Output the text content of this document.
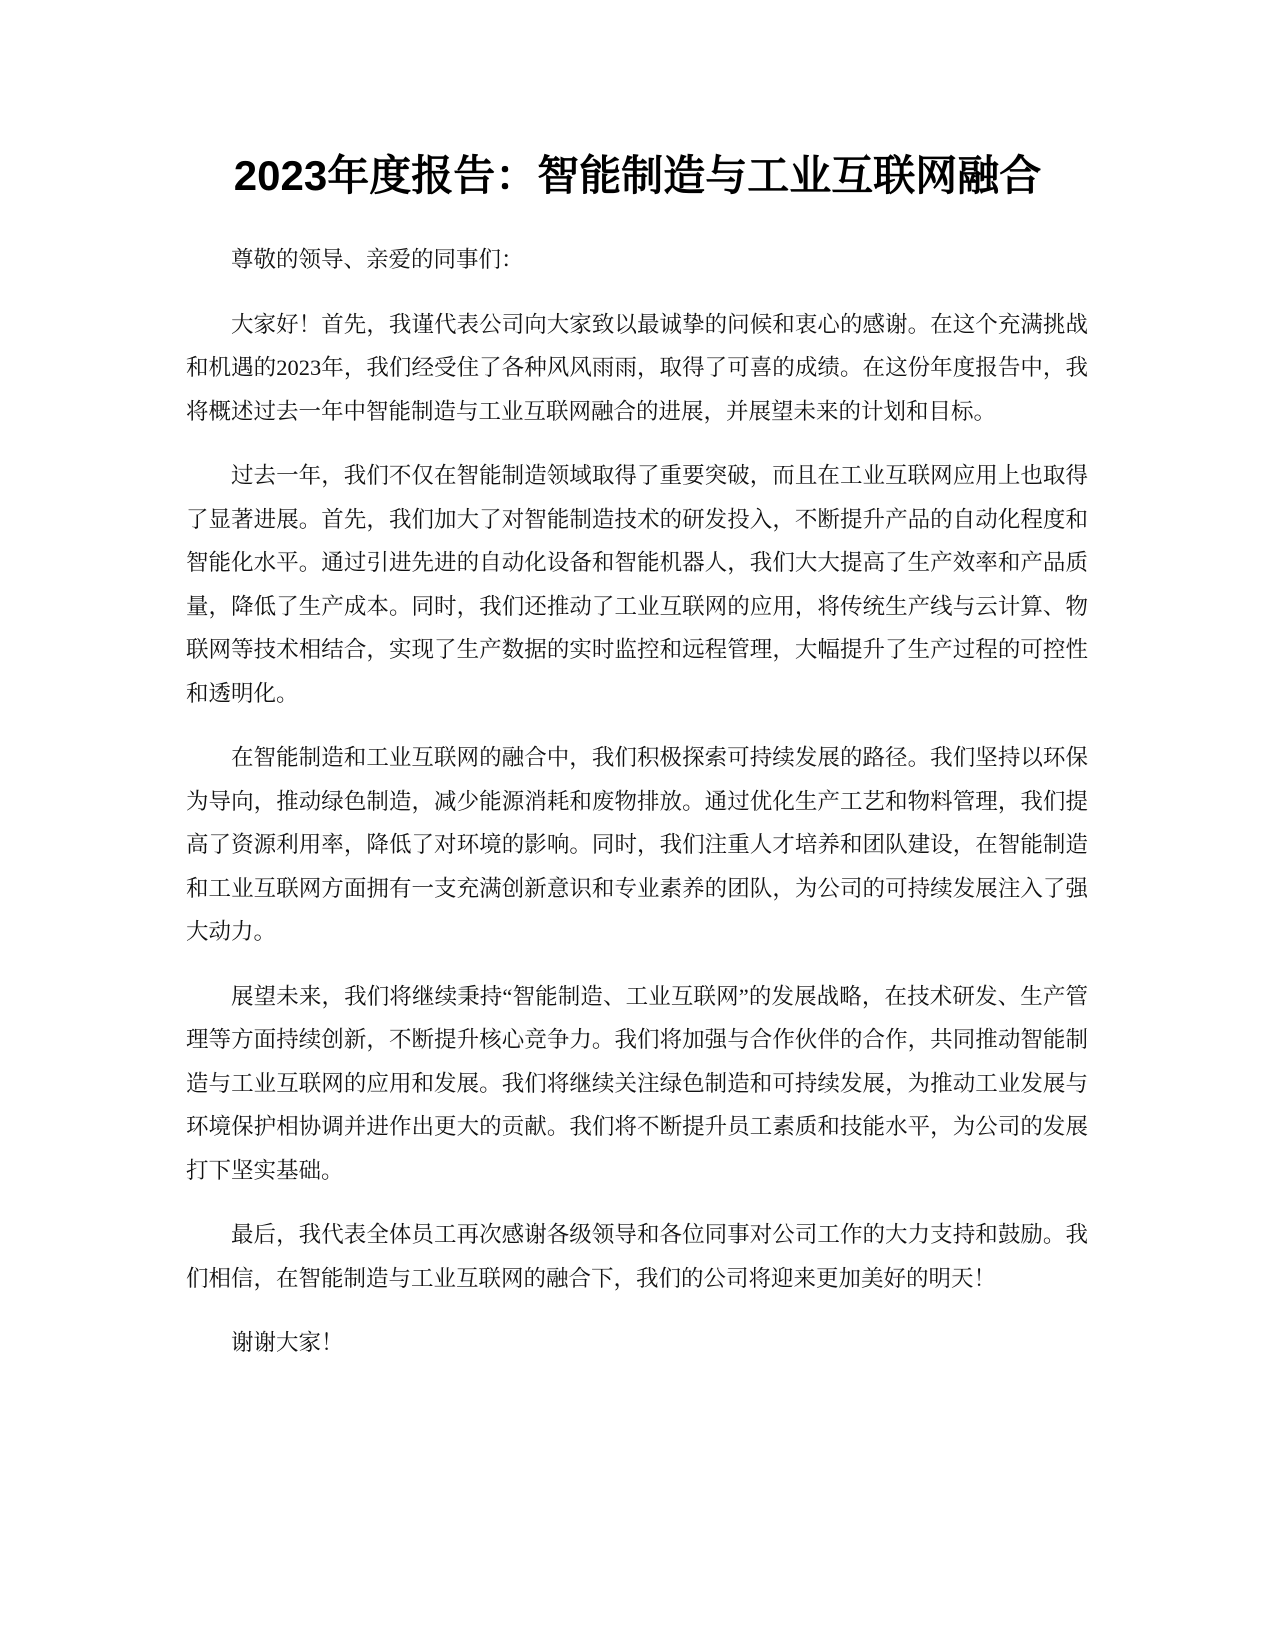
2023年度报告：智能制造与工业互联网融合

尊敬的领导、亲爱的同事们：

大家好！首先，我谨代表公司向大家致以最诚挚的问候和衷心的感谢。在这个充满挑战和机遇的2023年，我们经受住了各种风风雨雨，取得了可喜的成绩。在这份年度报告中，我将概述过去一年中智能制造与工业互联网融合的进展，并展望未来的计划和目标。

过去一年，我们不仅在智能制造领域取得了重要突破，而且在工业互联网应用上也取得了显著进展。首先，我们加大了对智能制造技术的研发投入，不断提升产品的自动化程度和智能化水平。通过引进先进的自动化设备和智能机器人，我们大大提高了生产效率和产品质量，降低了生产成本。同时，我们还推动了工业互联网的应用，将传统生产线与云计算、物联网等技术相结合，实现了生产数据的实时监控和远程管理，大幅提升了生产过程的可控性和透明化。

在智能制造和工业互联网的融合中，我们积极探索可持续发展的路径。我们坚持以环保为导向，推动绿色制造，减少能源消耗和废物排放。通过优化生产工艺和物料管理，我们提高了资源利用率，降低了对环境的影响。同时，我们注重人才培养和团队建设，在智能制造和工业互联网方面拥有一支充满创新意识和专业素养的团队，为公司的可持续发展注入了强大动力。

展望未来，我们将继续秉持“智能制造、工业互联网”的发展战略，在技术研发、生产管理等方面持续创新，不断提升核心竞争力。我们将加强与合作伙伴的合作，共同推动智能制造与工业互联网的应用和发展。我们将继续关注绿色制造和可持续发展，为推动工业发展与环境保护相协调并进作出更大的贡献。我们将不断提升员工素质和技能水平，为公司的发展打下坚实基础。

最后，我代表全体员工再次感谢各级领导和各位同事对公司工作的大力支持和鼓励。我们相信，在智能制造与工业互联网的融合下，我们的公司将迎来更加美好的明天！

谢谢大家！
